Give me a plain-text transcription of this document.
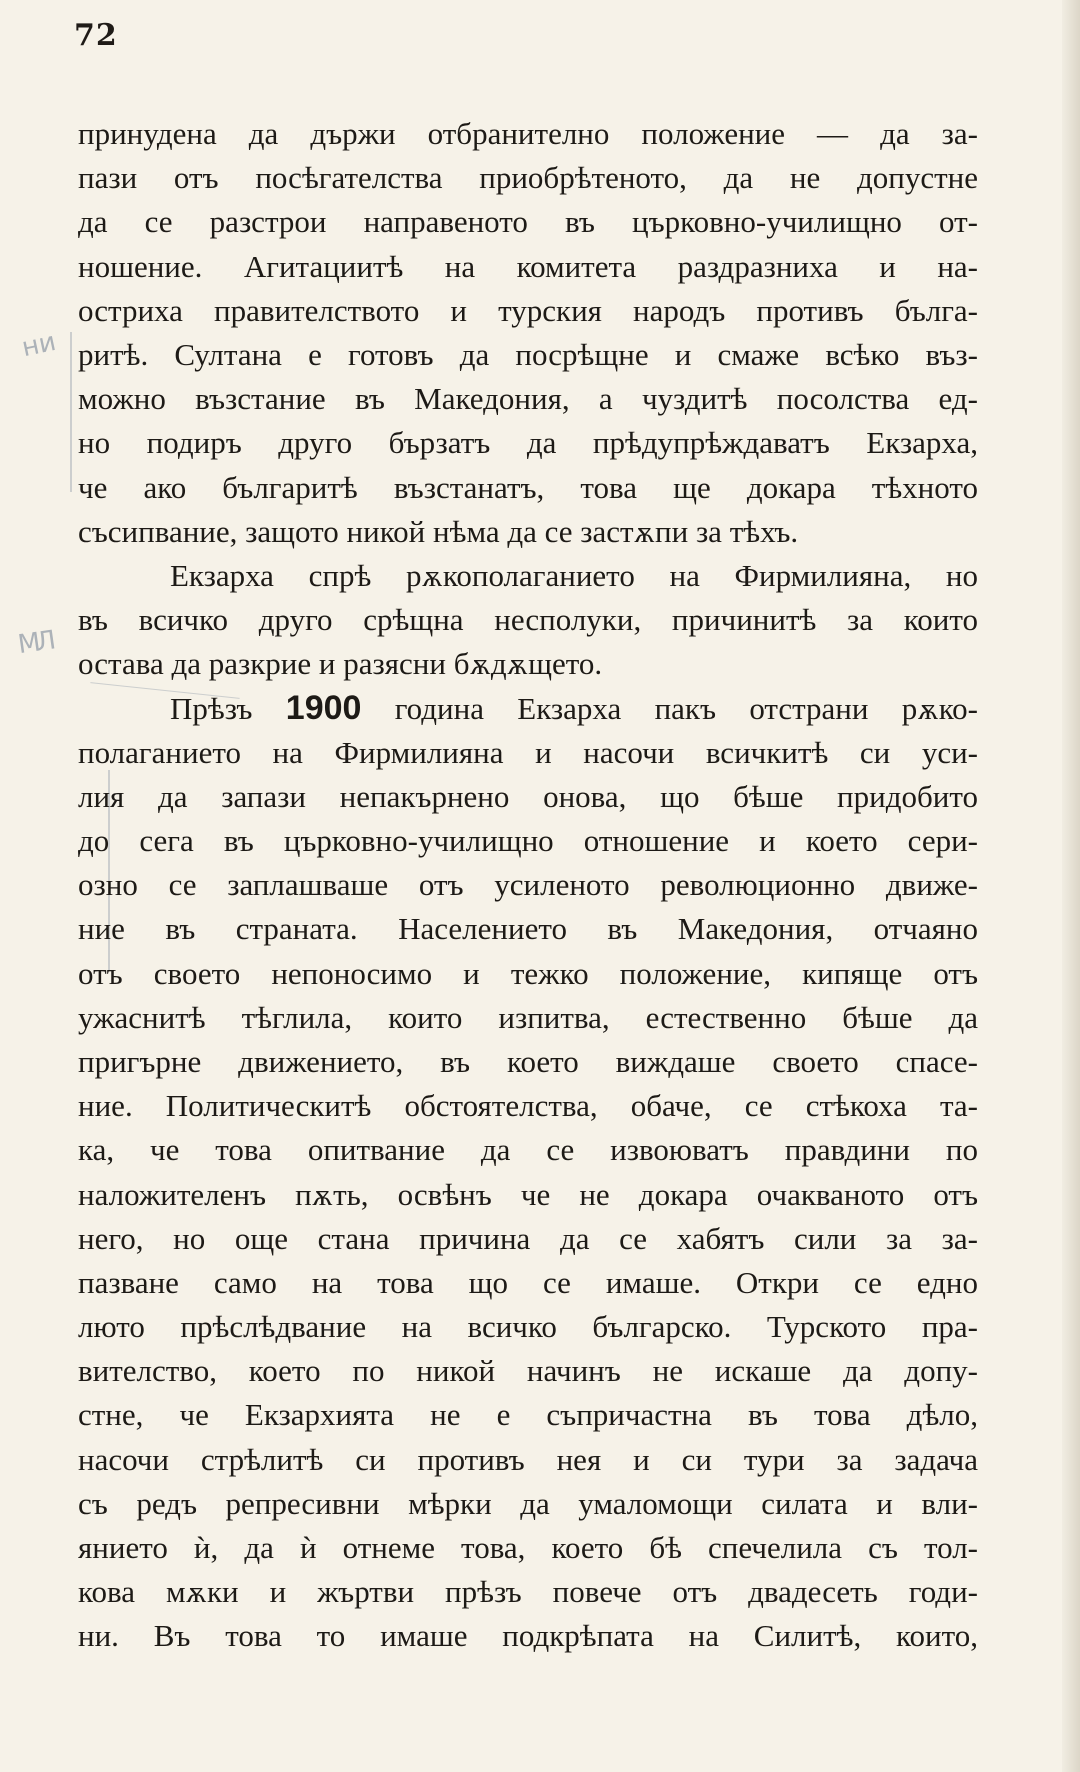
72
ни
МЛ
принудена да държи отбранително положение — да за-
пази отъ посѣгателства приобрѣтеното, да не допустне
да се разстрои направеното въ църковно-училищно от-
ношение. Агитациитѣ на комитета раздразниха и на-
остриха правителството и турския народъ противъ бълга-
ритѣ. Султана е готовъ да посрѣщне и смаже всѣко въз-
можно възстание въ Македония, а чуздитѣ посолства ед-
но подиръ друго бързатъ да прѣдупрѣждаватъ Екзарха,
че ако българитѣ възстанатъ, това ще докара тѣхното
съсипвание, защото никой нѣма да се застѫпи за тѣхъ.
Екзарха спрѣ рѫкополаганието на Фирмилияна, но
въ всичко друго срѣщна несполуки, причинитѣ за които
остава да разкрие и разясни бѫдѫщето.
Прѣзъ 1900 година Екзарха пакъ отстрани рѫко-
полаганието на Фирмилияна и насочи всичкитѣ си уси-
лия да запази непакърнено онова, що бѣше придобито
до сега въ църковно-училищно отношение и което сери-
озно се заплашваше отъ усиленото революционно движе-
ние въ страната. Населението въ Македония, отчаяно
отъ своето непоносимо и тежко положение, кипяще отъ
ужаснитѣ тѣглила, които изпитва, естественно бѣше да
пригърне движението, въ което виждаше своето спасе-
ние. Политическитѣ обстоятелства, обаче, се стѣкоха та-
ка, че това опитвание да се извоюватъ правдини по
наложителенъ пѫть, освѣнъ че не докара очакваното отъ
него, но още стана причина да се хабятъ сили за за-
пазване само на това що се имаше. Откри се едно
люто прѣслѣдвание на всичко българско. Турското пра-
вителство, което по никой начинъ не искаше да допу-
стне, че Екзархията не е съпричастна въ това дѣло,
насочи стрѣлитѣ си противъ нея и си тури за задача
съ редъ репресивни мѣрки да умаломощи силата и вли-
янието ѝ, да ѝ отнеме това, което бѣ спечелила съ тол-
кова мѫки и жъртви прѣзъ повече отъ двадесеть годи-
ни. Въ това то имаше подкрѣпата на Силитѣ, които,
